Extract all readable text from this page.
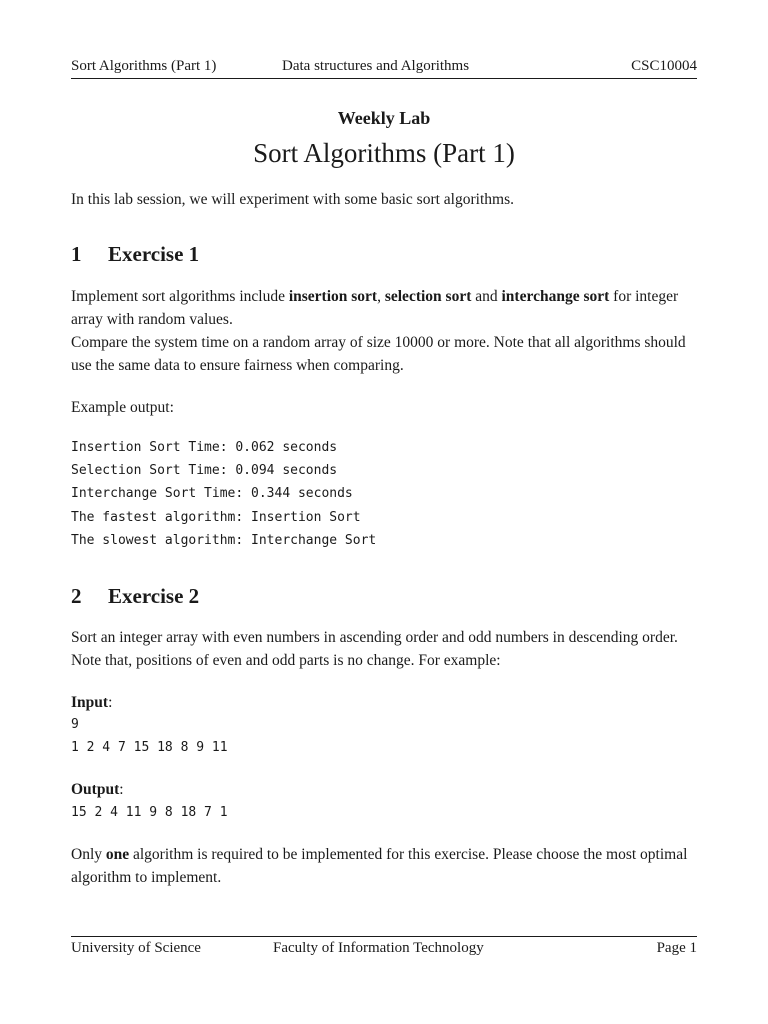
Sort Algorithms (Part 1)	Data structures and Algorithms	CSC10004
Weekly Lab
Sort Algorithms (Part 1)
In this lab session, we will experiment with some basic sort algorithms.
1 Exercise 1
Implement sort algorithms include insertion sort, selection sort and interchange sort for integer array with random values.
Compare the system time on a random array of size 10000 or more. Note that all algorithms should use the same data to ensure fairness when comparing.
Example output:
Insertion Sort Time: 0.062 seconds
Selection Sort Time: 0.094 seconds
Interchange Sort Time: 0.344 seconds
The fastest algorithm: Insertion Sort
The slowest algorithm: Interchange Sort
2 Exercise 2
Sort an integer array with even numbers in ascending order and odd numbers in descending order. Note that, positions of even and odd parts is no change. For example:
Input:
9
1 2 4 7 15 18 8 9 11
Output:
15 2 4 11 9 8 18 7 1
Only one algorithm is required to be implemented for this exercise. Please choose the most optimal algorithm to implement.
University of Science	Faculty of Information Technology	Page 1
